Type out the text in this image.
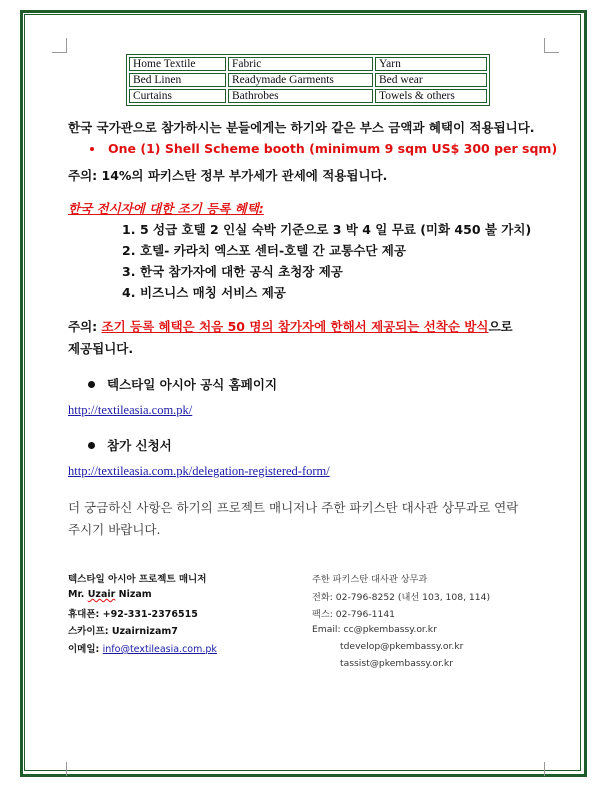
Home Textile	Fabric	Yarn
Bed Linen	Readymade Garments	Bed wear
Curtains	Bathrobes	Towels & others
한국 국가관으로 참가하시는 분들에게는 하기와 같은 부스 금액과 혜택이 적용됩니다.
One (1) Shell Scheme booth (minimum 9 sqm US$ 300 per sqm)
주의: 14%의 파키스탄 정부 부가세가 관세에 적용됩니다.
한국 전시자에 대한 조기 등록 혜택:
1. 5 성급 호텔 2 인실 숙박 기준으로 3 박 4 일 무료 (미화 450 불 가치)
2. 호텔- 카라치 엑스포 센터-호텔 간 교통수단 제공
3. 한국 참가자에 대한 공식 초청장 제공
4. 비즈니스 매칭 서비스 제공
주의: 조기 등록 혜택은 처음 50 명의 참가자에 한해서 제공되는 선착순 방식으로
제공됩니다.
텍스타일 아시아 공식 홈페이지
http://textileasia.com.pk/
참가 신청서
http://textileasia.com.pk/delegation-registered-form/
더 궁금하신 사항은 하기의 프로젝트 매니저나 주한 파키스탄 대사관 상무과로 연락
주시기 바랍니다.
텍스타일 아시아 프로젝트 매니저
Mr. Uzair Nizam
휴대폰: +92-331-2376515
스카이프: Uzairnizam7
이메일: info@textileasia.com.pk
주한 파키스탄 대사관 상무과
전화: 02-796-8252 (내선 103, 108, 114)
팩스: 02-796-1141
Email: cc@pkembassy.or.kr
tdevelop@pkembassy.or.kr
tassist@pkembassy.or.kr
